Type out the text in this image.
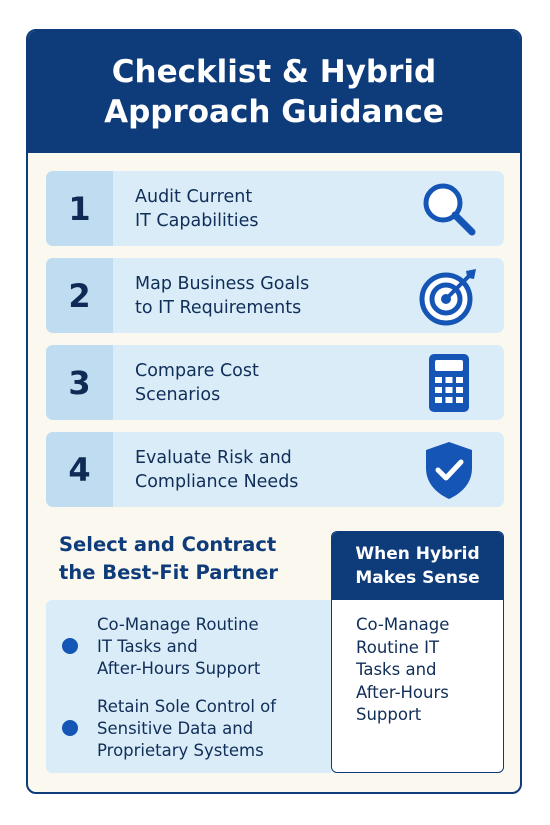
Checklist & Hybrid
Approach Guidance
1	Audit Current
IT Capabilities
2	Map Business Goals
to IT Requirements
3	Compare Cost
Scenarios
4	Evaluate Risk and
Compliance Needs
Select and Contract
the Best-Fit Partner
Co-Manage Routine
IT Tasks and
After-Hours Support
Retain Sole Control of
Sensitive Data and
Proprietary Systems
When Hybrid
Makes Sense
Co-Manage
Routine IT
Tasks and
After-Hours
Support
